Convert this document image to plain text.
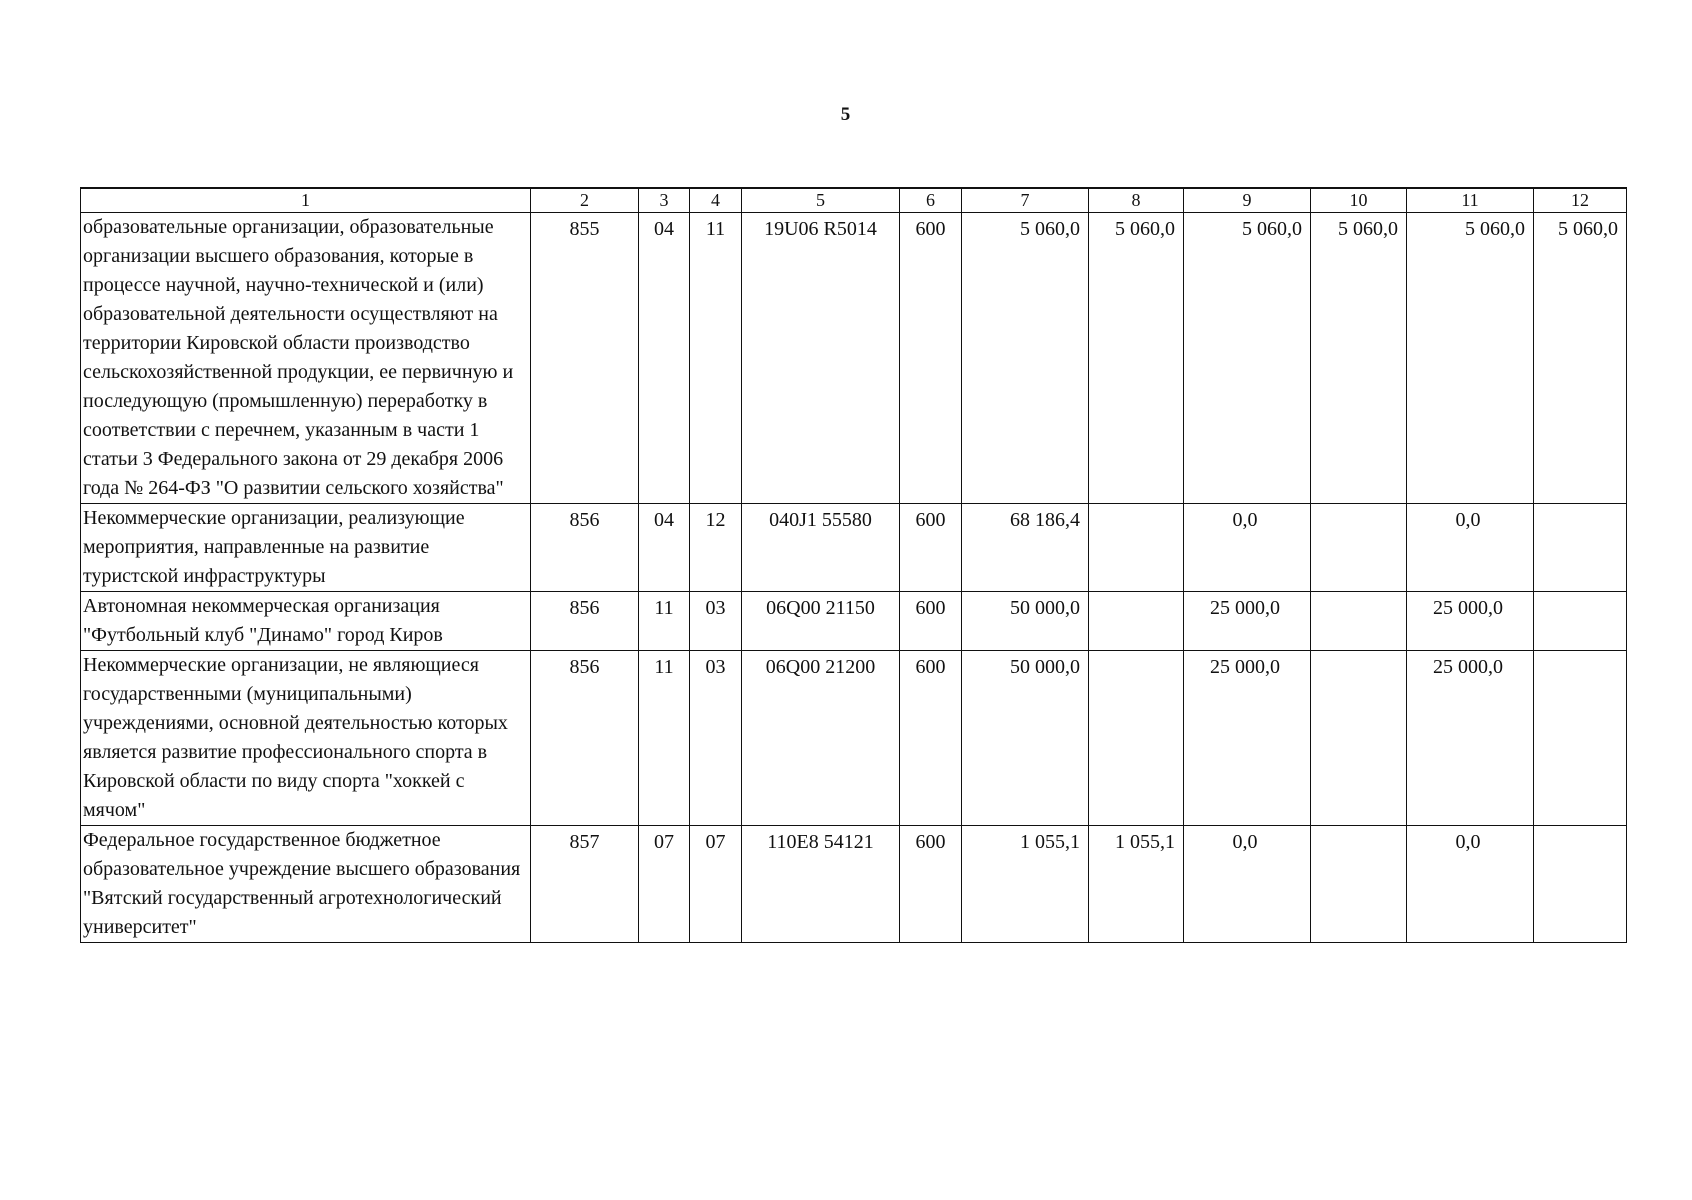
5
1	2	3	4	5	6	7	8	9	10	11	12
образовательные организации, образовательные организации высшего образования, которые в процессе научной, научно-технической и (или) образовательной деятельности осуществляют на территории Кировской области производство сельскохозяйственной продукции, ее первичную и последующую (промышленную) переработку в соответствии с перечнем, указанным в части 1 статьи 3 Федерального закона от 29 декабря 2006 года № 264-ФЗ "О развитии сельского хозяйства"	855	04	11	19U06 R5014	600	5 060,0	5 060,0	5 060,0	5 060,0	5 060,0	5 060,0
Некоммерческие организации, реализующие мероприятия, направленные на развитие туристской инфраструктуры	856	04	12	040J1 55580	600	68 186,4		0,0		0,0	
Автономная некоммерческая организация "Футбольный клуб "Динамо" город Киров	856	11	03	06Q00 21150	600	50 000,0		25 000,0		25 000,0	
Некоммерческие организации, не являющиеся государственными (муниципальными) учреждениями, основной деятельностью которых является развитие профессионального спорта в Кировской области по виду спорта "хоккей с мячом"	856	11	03	06Q00 21200	600	50 000,0		25 000,0		25 000,0	
Федеральное государственное бюджетное образовательное учреждение высшего образования "Вятский государственный агротехнологический университет"	857	07	07	110E8 54121	600	1 055,1	1 055,1	0,0		0,0	
